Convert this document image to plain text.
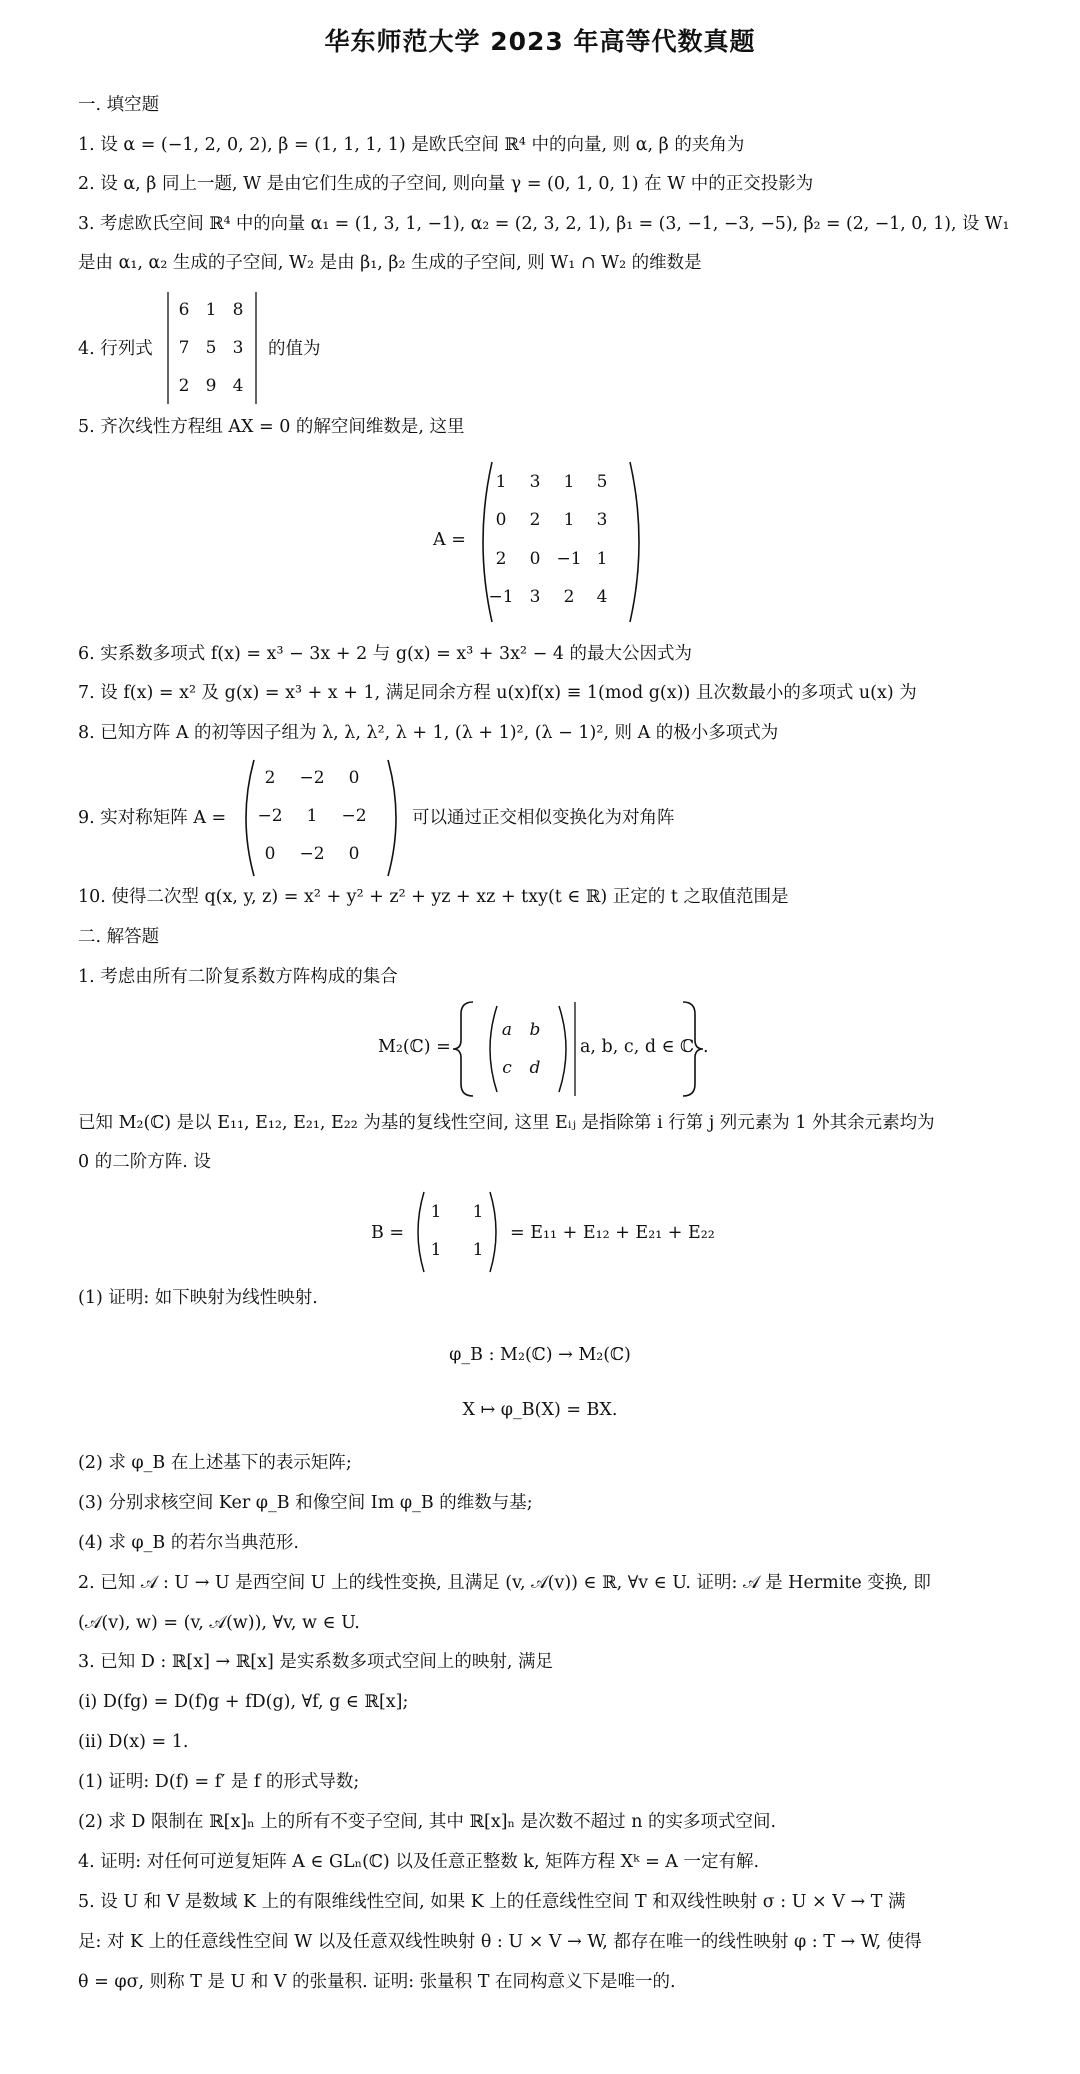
华东师范大学 2023 年高等代数真题
一. 填空题
1. 设 α = (−1, 2, 0, 2), β = (1, 1, 1, 1) 是欧氏空间 ℝ⁴ 中的向量, 则 α, β 的夹角为
2. 设 α, β 同上一题, W 是由它们生成的子空间, 则向量 γ = (0, 1, 0, 1) 在 W 中的正交投影为
3. 考虑欧氏空间 ℝ⁴ 中的向量 α₁ = (1, 3, 1, −1), α₂ = (2, 3, 2, 1), β₁ = (3, −1, −3, −5), β₂ = (2, −1, 0, 1), 设 W₁
是由 α₁, α₂ 生成的子空间, W₂ 是由 β₁, β₂ 生成的子空间, 则 W₁ ∩ W₂ 的维数是
4. 行列式
6 1 8
7 5 3
2 9 4
的值为
5. 齐次线性方程组 AX = 0 的解空间维数是, 这里
A =
1	3	1	5
0	2	1	3
2	0 −1 1
−1 3	2	4
6. 实系数多项式 f(x) = x³ − 3x + 2 与 g(x) = x³ + 3x² − 4 的最大公因式为
7. 设 f(x) = x² 及 g(x) = x³ + x + 1, 满足同余方程 u(x)f(x) ≡ 1(mod g(x)) 且次数最小的多项式 u(x) 为
8. 已知方阵 A 的初等因子组为 λ, λ, λ², λ + 1, (λ + 1)², (λ − 1)², 则 A 的极小多项式为
9. 实对称矩阵 A =
2	−2	0
−2	1	−2
0	−2	0
可以通过正交相似变换化为对角阵
10. 使得二次型 q(x, y, z) = x² + y² + z² + yz + xz + txy(t ∈ ℝ) 正定的 t 之取值范围是
二. 解答题
1. 考虑由所有二阶复系数方阵构成的集合
M₂(ℂ) =
a	b
c	d
a, b, c, d ∈ ℂ .
已知 M₂(ℂ) 是以 E₁₁, E₁₂, E₂₁, E₂₂ 为基的复线性空间, 这里 Eᵢⱼ 是指除第 i 行第 j 列元素为 1 外其余元素均为
0 的二阶方阵. 设
B =
1	1
1	1
= E₁₁ + E₁₂ + E₂₁ + E₂₂
(1) 证明: 如下映射为线性映射.
φ_B : M₂(ℂ) → M₂(ℂ)
X ↦ φ_B(X) = BX.
(2) 求 φ_B 在上述基下的表示矩阵;
(3) 分别求核空间 Ker φ_B 和像空间 Im φ_B 的维数与基;
(4) 求 φ_B 的若尔当典范形.
2. 已知 𝒜 : U → U 是西空间 U 上的线性变换, 且满足 (v, 𝒜(v)) ∈ ℝ, ∀v ∈ U. 证明: 𝒜 是 Hermite 变换, 即
(𝒜(v), w) = (v, 𝒜(w)), ∀v, w ∈ U.
3. 已知 D : ℝ[x] → ℝ[x] 是实系数多项式空间上的映射, 满足
(i) D(fg) = D(f)g + fD(g), ∀f, g ∈ ℝ[x];
(ii) D(x) = 1.
(1) 证明: D(f) = f′ 是 f 的形式导数;
(2) 求 D 限制在 ℝ[x]ₙ 上的所有不变子空间, 其中 ℝ[x]ₙ 是次数不超过 n 的实多项式空间.
4. 证明: 对任何可逆复矩阵 A ∈ GLₙ(ℂ) 以及任意正整数 k, 矩阵方程 Xᵏ = A 一定有解.
5. 设 U 和 V 是数域 K 上的有限维线性空间, 如果 K 上的任意线性空间 T 和双线性映射 σ : U × V → T 满
足: 对 K 上的任意线性空间 W 以及任意双线性映射 θ : U × V → W, 都存在唯一的线性映射 φ : T → W, 使得
θ = φσ, 则称 T 是 U 和 V 的张量积. 证明: 张量积 T 在同构意义下是唯一的.
